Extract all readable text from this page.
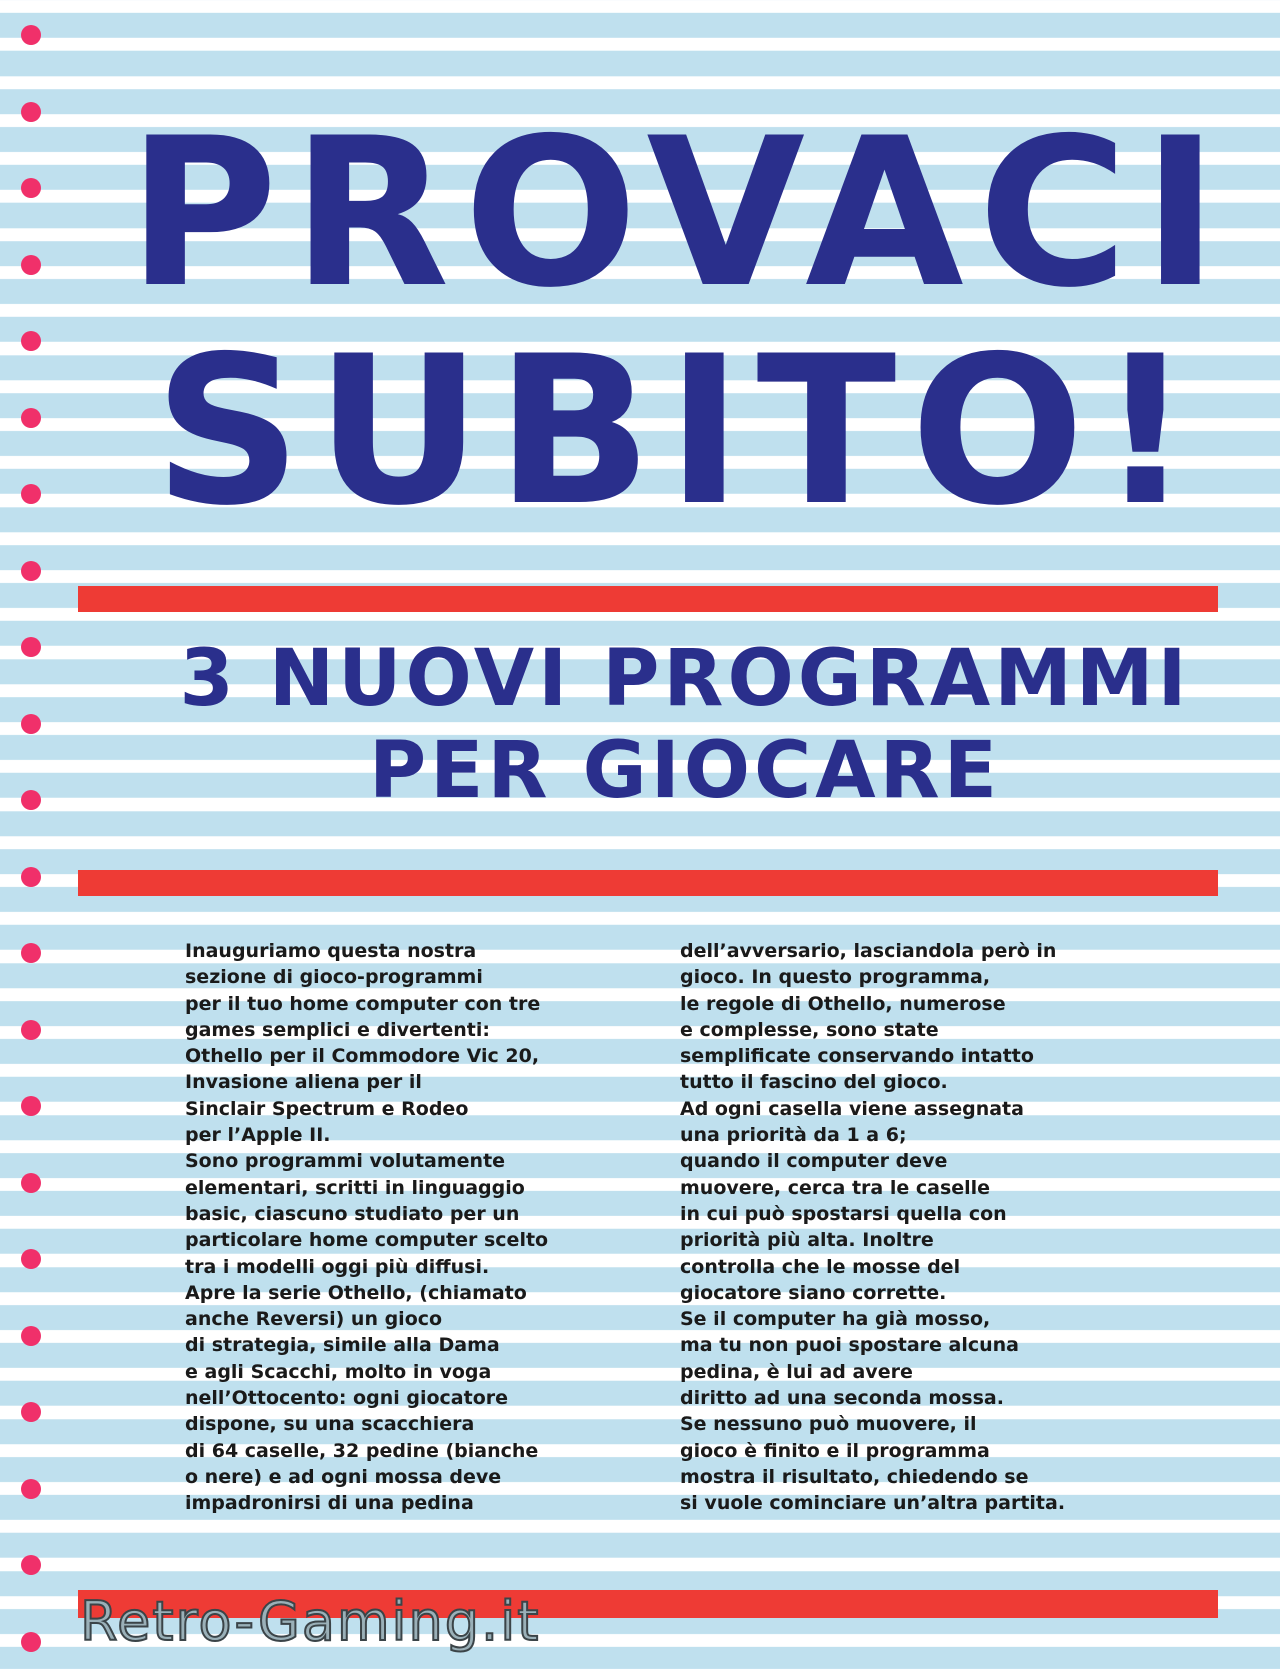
PROVACI
SUBITO!
3 NUOVI PROGRAMMI
PER GIOCARE
Inauguriamo questa nostra
sezione di gioco-programmi
per il tuo home computer con tre
games semplici e divertenti:
Othello per il Commodore Vic 20,
Invasione aliena per il
Sinclair Spectrum e Rodeo
per l’Apple II.
Sono programmi volutamente
elementari, scritti in linguaggio
basic, ciascuno studiato per un
particolare home computer scelto
tra i modelli oggi più diffusi.
Apre la serie Othello, (chiamato
anche Reversi) un gioco
di strategia, simile alla Dama
e agli Scacchi, molto in voga
nell’Ottocento: ogni giocatore
dispone, su una scacchiera
di 64 caselle, 32 pedine (bianche
o nere) e ad ogni mossa deve
impadronirsi di una pedina
dell’avversario, lasciandola però in
gioco. In questo programma,
le regole di Othello, numerose
e complesse, sono state
semplificate conservando intatto
tutto il fascino del gioco.
Ad ogni casella viene assegnata
una priorità da 1 a 6;
quando il computer deve
muovere, cerca tra le caselle
in cui può spostarsi quella con
priorità più alta. Inoltre
controlla che le mosse del
giocatore siano corrette.
Se il computer ha già mosso,
ma tu non puoi spostare alcuna
pedina, è lui ad avere
diritto ad una seconda mossa.
Se nessuno può muovere, il
gioco è finito e il programma
mostra il risultato, chiedendo se
si vuole cominciare un’altra partita.
Retro-Gaming.it
